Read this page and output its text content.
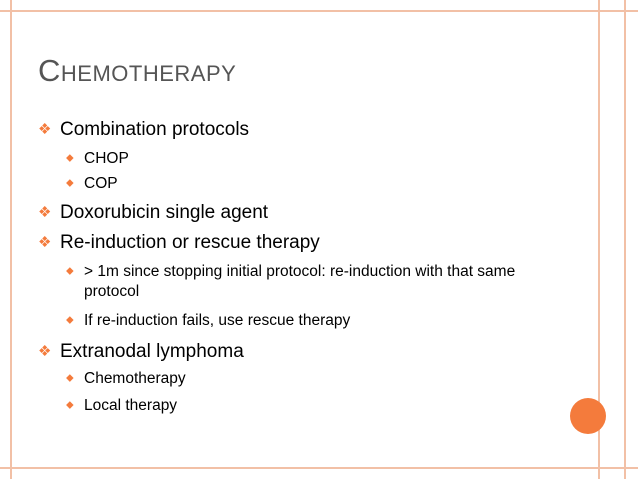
CHEMOTHERAPY
❖ Combination protocols
⬥ CHOP
⬥ COP
❖ Doxorubicin single agent
❖ Re-induction or rescue therapy
⬥ > 1m since stopping initial protocol: re-induction with that same protocol
⬥ If re-induction fails, use rescue therapy
❖ Extranodal lymphoma
⬥ Chemotherapy
⬥ Local therapy
